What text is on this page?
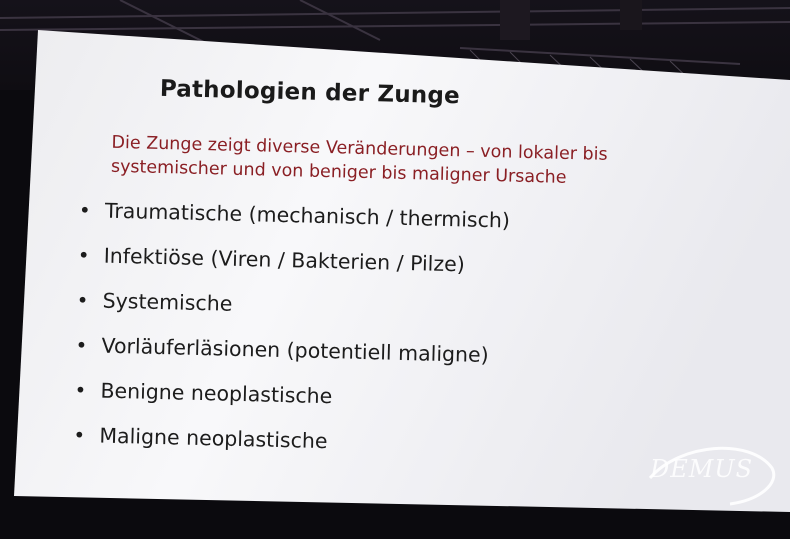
Pathologien der Zunge
Die Zunge zeigt diverse Veränderungen – von lokaler bis
systemischer und von beniger bis maligner Ursache
• Traumatische (mechanisch / thermisch)
• Infektiöse (Viren / Bakterien / Pilze)
• Systemische
• Vorläuferläsionen (potentiell maligne)
• Benigne neoplastische
• Maligne neoplastische
DEMUS
